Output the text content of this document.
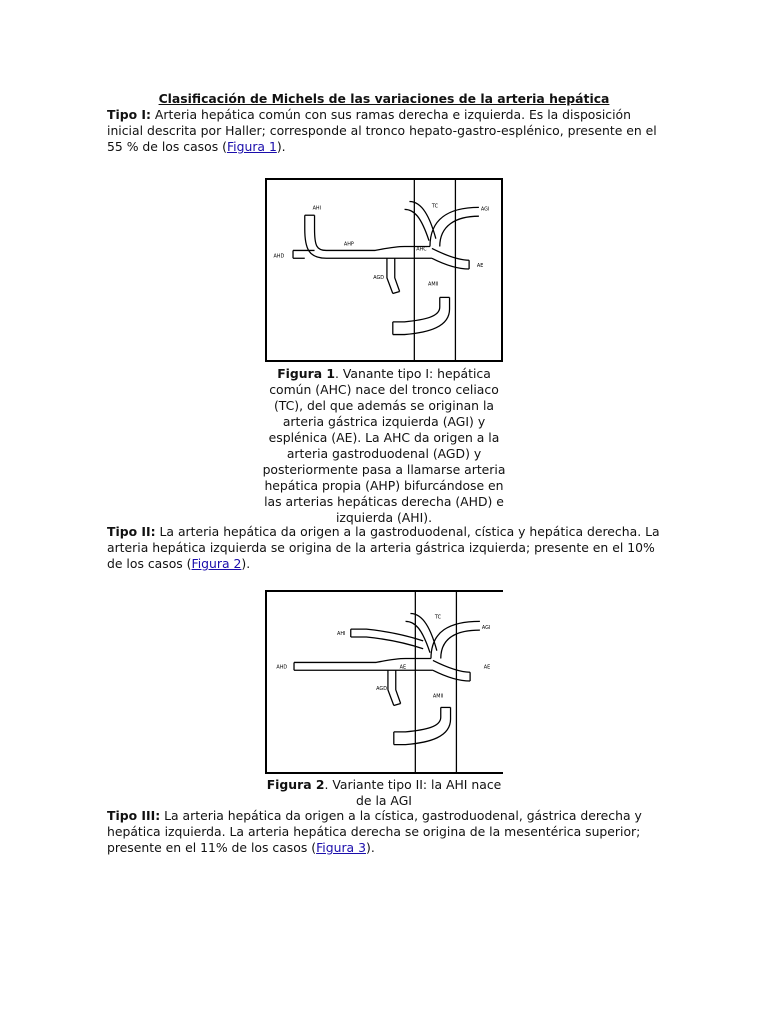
Clasificación de Michels de las variaciones de la arteria hepática

Tipo I: Arteria hepática común con sus ramas derecha e izquierda. Es la disposición inicial descrita por Haller; corresponde al tronco hepato-gastro-esplénico, presente en el 55 % de los casos (Figura 1).

AHI	TC	AGI
AHD
AHP
AHC
AE
AGD
AMII

Figura 1. Vanante tipo I: hepática común (AHC) nace del tronco celiaco (TC), del que además se originan la arteria gástrica izquierda (AGI) y esplénica (AE). La AHC da origen a la arteria gastroduodenal (AGD) y posteriormente pasa a llamarse arteria hepática propia (AHP) bifurcándose en las arterias hepáticas derecha (AHD) e izquierda (AHI).

Tipo II: La arteria hepática da origen a la gastroduodenal, cística y hepática derecha. La arteria hepática izquierda se origina de la arteria gástrica izquierda; presente en el 10% de los casos (Figura 2).

AHI
TC
AGI
AHD	AE	AE
AGD
AMII

Figura 2. Variante tipo II: la AHI nace de la AGI

Tipo III: La arteria hepática da origen a la cística, gastroduodenal, gástrica derecha y hepática izquierda. La arteria hepática derecha se origina de la mesentérica superior; presente en el 11% de los casos (Figura 3).
